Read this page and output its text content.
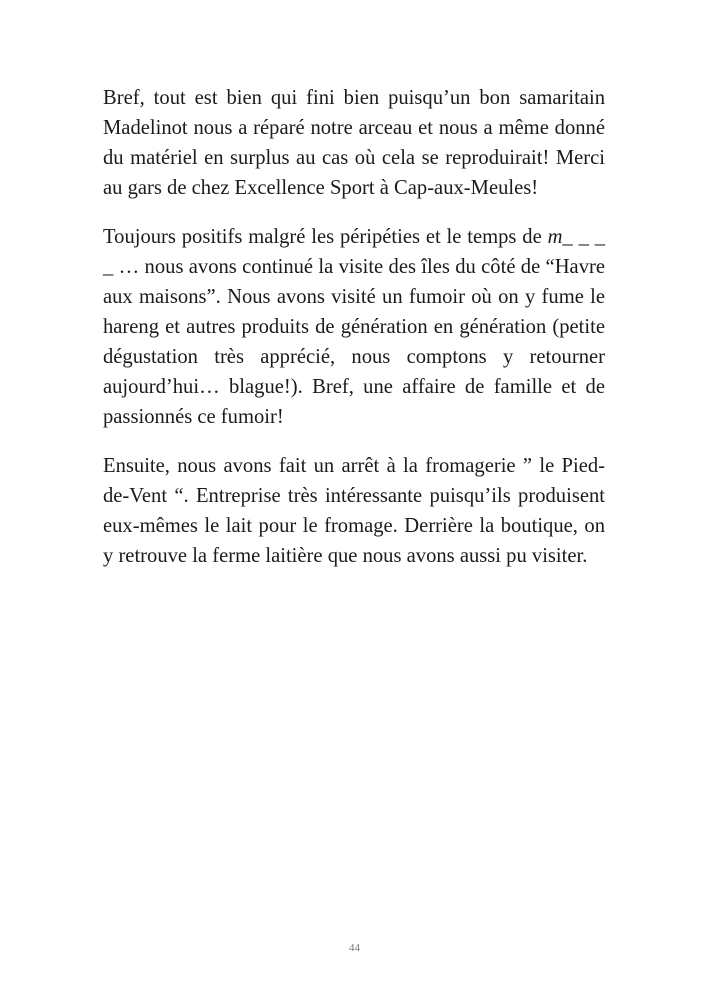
Bref, tout est bien qui fini bien puisqu’un bon samaritain Madelinot nous a réparé notre arceau et nous a même donné du matériel en surplus au cas où cela se reproduirait! Merci au gars de chez Excellence Sport à Cap-aux-Meules!

Toujours positifs malgré les péripéties et le temps de m_ _ _ _ … nous avons continué la visite des îles du côté de “Havre aux maisons”. Nous avons visité un fumoir où on y fume le hareng et autres produits de génération en génération (petite dégustation très apprécié, nous comptons y retourner aujourd’hui… blague!). Bref, une affaire de famille et de passionnés ce fumoir!

Ensuite, nous avons fait un arrêt à la fromagerie ” le Pied-de-Vent “. Entreprise très intéressante puisqu’ils produisent eux-mêmes le lait pour le fromage. Derrière la boutique, on y retrouve la ferme laitière que nous avons aussi pu visiter.

44
